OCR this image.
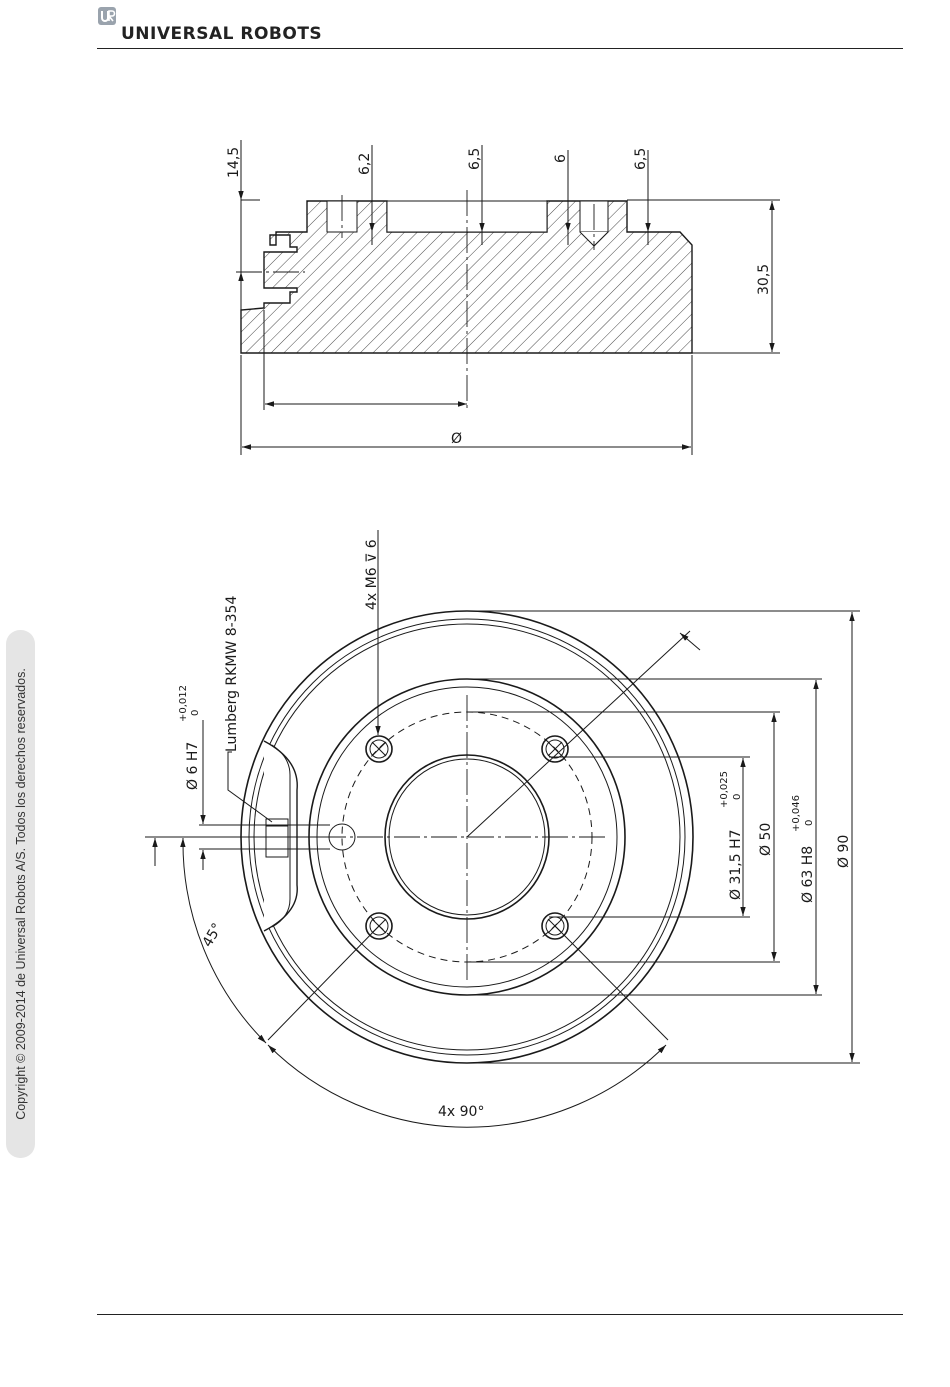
UNIVERSAL ROBOTS
Copyright © 2009-2014 de Universal Robots A/S. Todos los derechos reservados.
14,5	6,2	6,5	6	6,5
30,5
Ø
4x M6 ⊽ 6
Lumberg RKMW 8-354
Ø 6 H7
+0,012 0
Ø 31,5 H7
+0,025 0
Ø 50
Ø 63 H8
+0,046 0
Ø 90
45°
4x 90°
